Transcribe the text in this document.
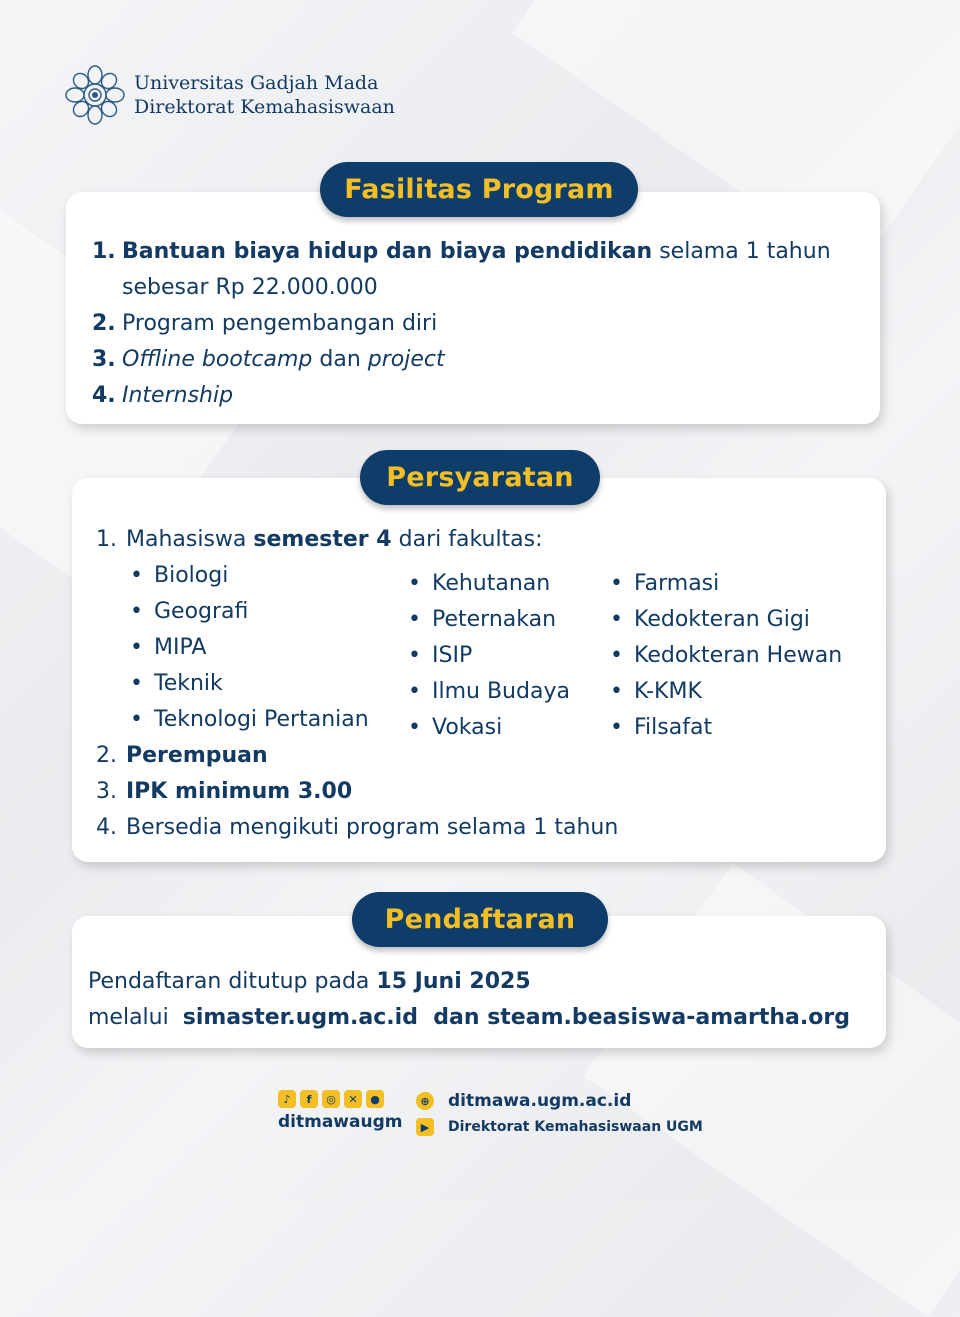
Universitas Gadjah Mada
Direktorat Kemahasiswaan
Fasilitas Program
1. Bantuan biaya hidup dan biaya pendidikan selama 1 tahun
sebesar Rp 22.000.000
2. Program pengembangan diri
3. Offline bootcamp dan project
4. Internship
Persyaratan
1. Mahasiswa semester 4 dari fakultas:
• Biologi
• Geografi
• MIPA
• Teknik
• Teknologi Pertanian
• Kehutanan
• Peternakan
• ISIP
• Ilmu Budaya
• Vokasi
• Farmasi
• Kedokteran Gigi
• Kedokteran Hewan
• K-KMK
• Filsafat
2. Perempuan
3. IPK minimum 3.00
4. Bersedia mengikuti program selama 1 tahun
Pendaftaran
Pendaftaran ditutup pada 15 Juni 2025
melalui  simaster.ugm.ac.id  dan steam.beasiswa-amartha.org
♪	f	◎	✕	●
ditmawaugm
⊕ ditmawa.ugm.ac.id
▶	Direktorat Kemahasiswaan UGM
